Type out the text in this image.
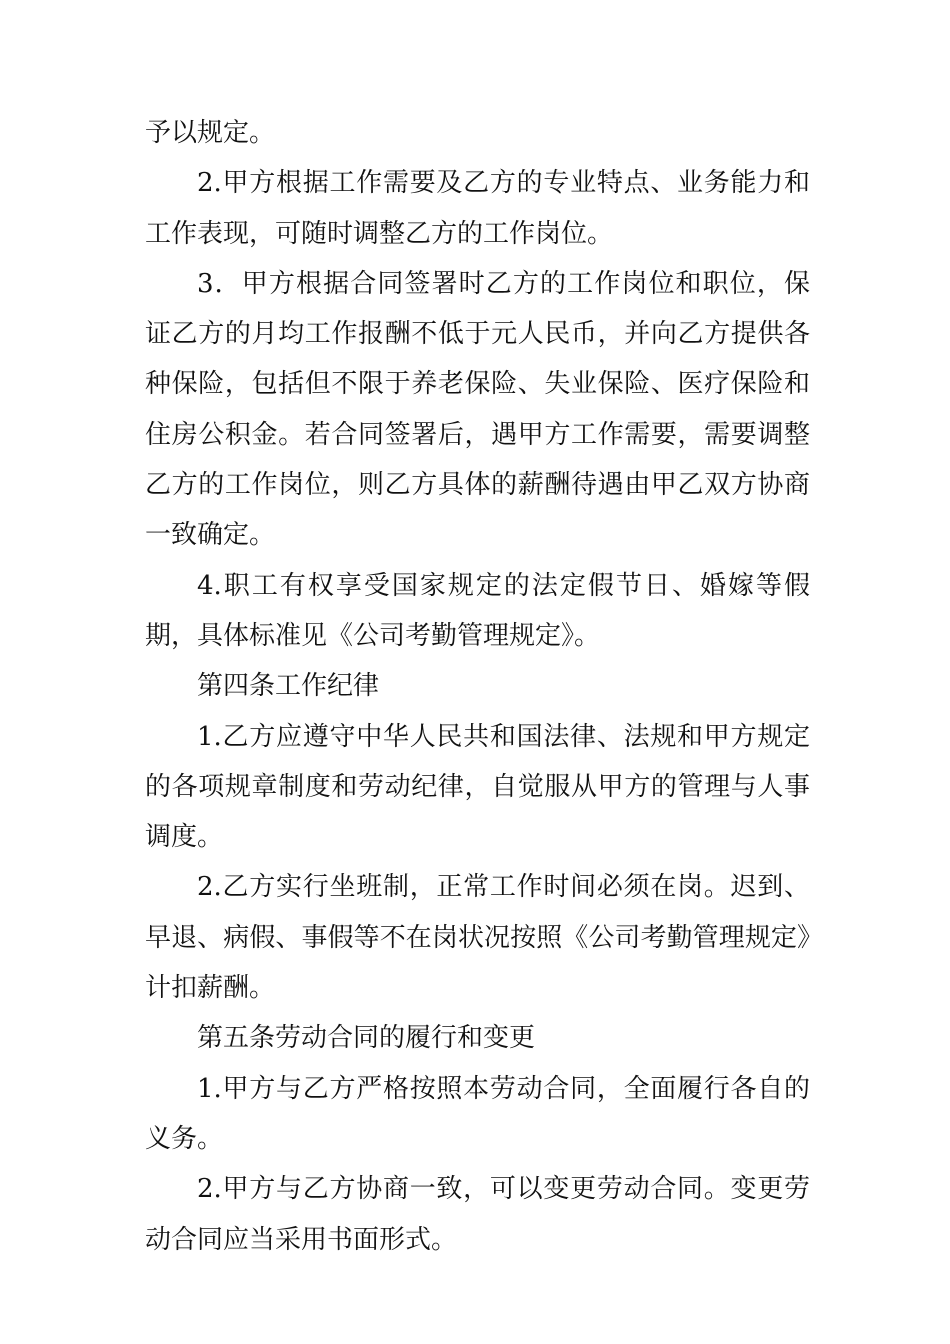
予以规定。

2.甲方根据工作需要及乙方的专业特点、业务能力和工作表现，可随时调整乙方的工作岗位。

3．甲方根据合同签署时乙方的工作岗位和职位，保证乙方的月均工作报酬不低于元人民币，并向乙方提供各种保险，包括但不限于养老保险、失业保险、医疗保险和住房公积金。若合同签署后，遇甲方工作需要，需要调整乙方的工作岗位，则乙方具体的薪酬待遇由甲乙双方协商一致确定。

4.职工有权享受国家规定的法定假节日、婚嫁等假期，具体标准见《公司考勤管理规定》。

第四条工作纪律

1.乙方应遵守中华人民共和国法律、法规和甲方规定的各项规章制度和劳动纪律，自觉服从甲方的管理与人事调度。

2.乙方实行坐班制，正常工作时间必须在岗。迟到、早退、病假、事假等不在岗状况按照《公司考勤管理规定》计扣薪酬。

第五条劳动合同的履行和变更

1.甲方与乙方严格按照本劳动合同，全面履行各自的义务。

2.甲方与乙方协商一致，可以变更劳动合同。变更劳动合同应当采用书面形式。
